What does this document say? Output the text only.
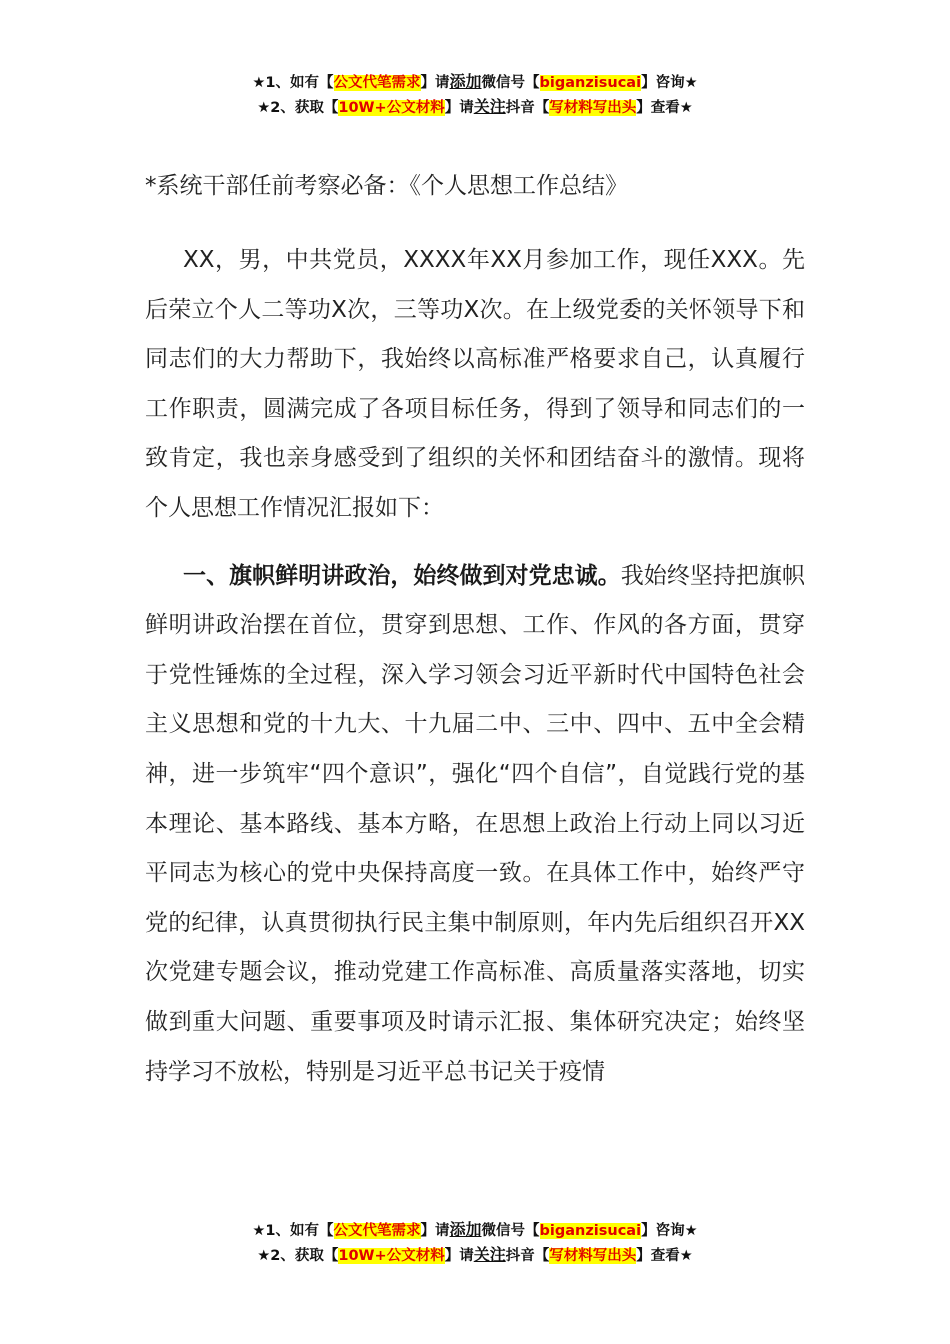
★1、如有【公文代笔需求】请添加微信号【biganzisucai】咨询★
★2、获取【10W+公文材料】请关注抖音【写材料写出头】查看★
*系统干部任前考察必备：《个人思想工作总结》

XX，男，中共党员，XXXX年XX月参加工作，现任XXX。先后荣立个人二等功X次，三等功X次。在上级党委的关怀领导下和同志们的大力帮助下，我始终以高标准严格要求自己，认真履行工作职责，圆满完成了各项目标任务，得到了领导和同志们的一致肯定，我也亲身感受到了组织的关怀和团结奋斗的激情。现将个人思想工作情况汇报如下：

一、旗帜鲜明讲政治，始终做到对党忠诚。我始终坚持把旗帜鲜明讲政治摆在首位，贯穿到思想、工作、作风的各方面，贯穿于党性锤炼的全过程，深入学习领会习近平新时代中国特色社会主义思想和党的十九大、十九届二中、三中、四中、五中全会精神，进一步筑牢“四个意识”，强化“四个自信”，自觉践行党的基本理论、基本路线、基本方略，在思想上政治上行动上同以习近平同志为核心的党中央保持高度一致。在具体工作中，始终严守党的纪律，认真贯彻执行民主集中制原则，年内先后组织召开XX次党建专题会议，推动党建工作高标准、高质量落实落地，切实做到重大问题、重要事项及时请示汇报、集体研究决定；始终坚持学习不放松，特别是习近平总书记关于疫情

★1、如有【公文代笔需求】请添加微信号【biganzisucai】咨询★
★2、获取【10W+公文材料】请关注抖音【写材料写出头】查看★
